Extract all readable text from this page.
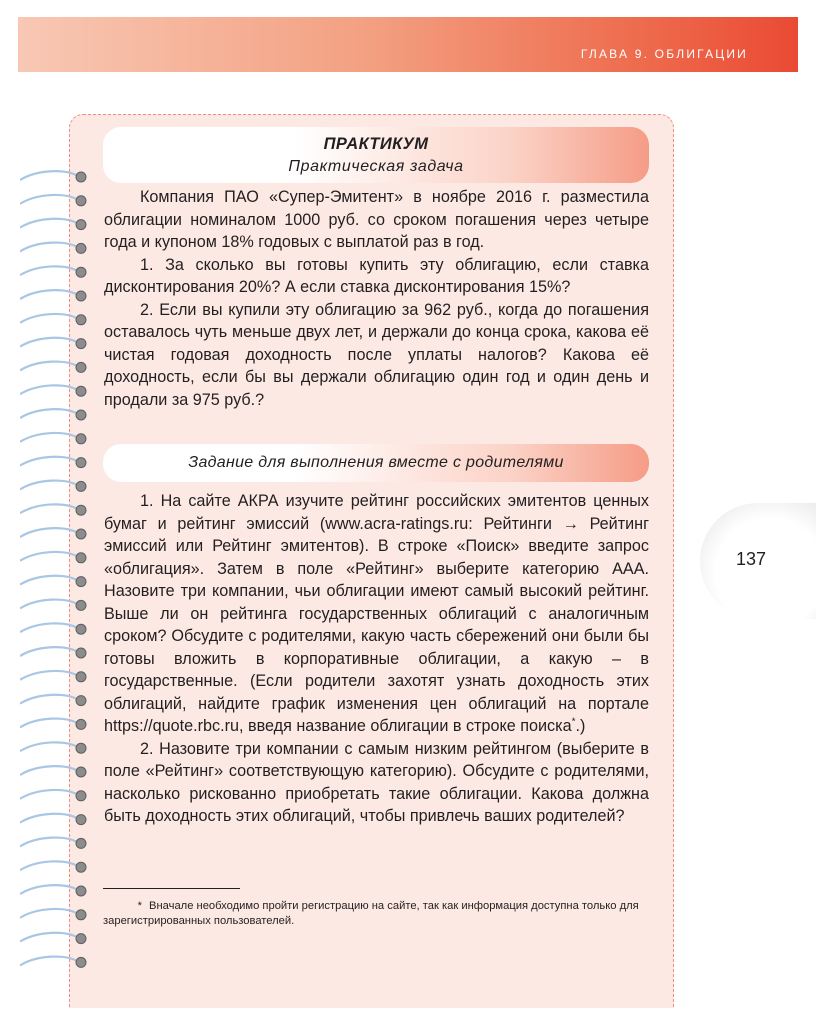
ГЛАВА 9. ОБЛИГАЦИИ
ПРАКТИКУМ
Практическая задача

Компания ПАО «Супер-Эмитент» в ноябре 2016 г. разместила облигации номиналом 1000 руб. со сроком погашения через четыре года и купоном 18% годовых с выплатой раз в год.

1. За сколько вы готовы купить эту облигацию, если ставка дисконтирования 20%? А если ставка дисконтирования 15%?

2. Если вы купили эту облигацию за 962 руб., когда до погашения оставалось чуть меньше двух лет, и держали до конца срока, какова её чистая годовая доходность после уплаты налогов? Какова её доходность, если бы вы держали облигацию один год и один день и продали за 975 руб.?

Задание для выполнения вместе с родителями

1. На сайте АКРА изучите рейтинг российских эмитентов ценных бумаг и рейтинг эмиссий (www.acra-ratings.ru: Рейтинги → Рейтинг эмиссий или Рейтинг эмитентов). В строке «Поиск» введите запрос «облигация». Затем в поле «Рейтинг» выберите категорию ААА. Назовите три компании, чьи облигации имеют самый высокий рейтинг. Выше ли он рейтинга государственных облигаций с аналогичным сроком? Обсудите с родителями, какую часть сбережений они были бы готовы вложить в корпоративные облигации, а какую – в государственные. (Если родители захотят узнать доходность этих облигаций, найдите график изменения цен облигаций на портале https://quote.rbc.ru, введя название облигации в строке поиска*.)

2. Назовите три компании с самым низким рейтингом (выберите в поле «Рейтинг» соответствующую категорию). Обсудите с родителями, насколько рискованно приобретать такие облигации. Какова должна быть доходность этих облигаций, чтобы привлечь ваших родителей?

* Вначале необходимо пройти регистрацию на сайте, так как информация доступна только для зарегистрированных пользователей.
137
